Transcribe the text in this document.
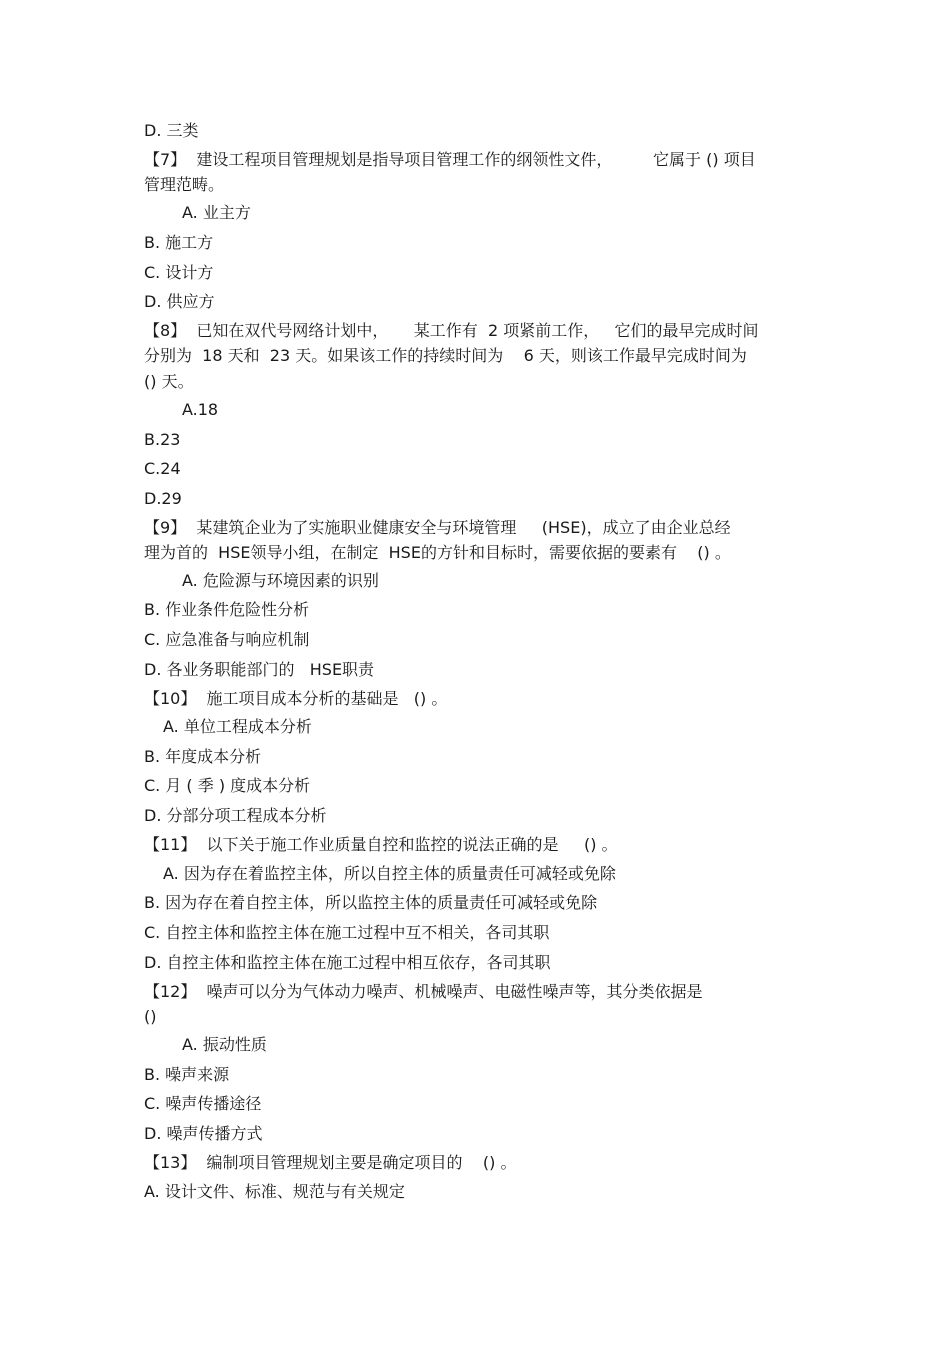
D. 三类
【7】  建设工程项目管理规划是指导项目管理工作的纲领性文件，        它属于 () 项目
管理范畴。
A. 业主方
B. 施工方
C. 设计方
D. 供应方
【8】  已知在双代号网络计划中，     某工作有  2 项紧前工作，   它们的最早完成时间
分别为  18 天和  23 天。如果该工作的持续时间为    6 天，则该工作最早完成时间为
() 天。
A.18
B.23
C.24
D.29
【9】  某建筑企业为了实施职业健康安全与环境管理     (HSE)，成立了由企业总经
理为首的  HSE领导小组，在制定  HSE的方针和目标时，需要依据的要素有    () 。
A. 危险源与环境因素的识别
B. 作业条件危险性分析
C. 应急准备与响应机制
D. 各业务职能部门的   HSE职责
【10】  施工项目成本分析的基础是   () 。
A. 单位工程成本分析
B. 年度成本分析
C. 月 ( 季 ) 度成本分析
D. 分部分项工程成本分析
【11】  以下关于施工作业质量自控和监控的说法正确的是     () 。
A. 因为存在着监控主体，所以自控主体的质量责任可减轻或免除
B. 因为存在着自控主体，所以监控主体的质量责任可减轻或免除
C. 自控主体和监控主体在施工过程中互不相关，各司其职
D. 自控主体和监控主体在施工过程中相互依存，各司其职
【12】  噪声可以分为气体动力噪声、机械噪声、电磁性噪声等，其分类依据是
()
A. 振动性质
B. 噪声来源
C. 噪声传播途径
D. 噪声传播方式
【13】  编制项目管理规划主要是确定项目的    () 。
A. 设计文件、标准、规范与有关规定
